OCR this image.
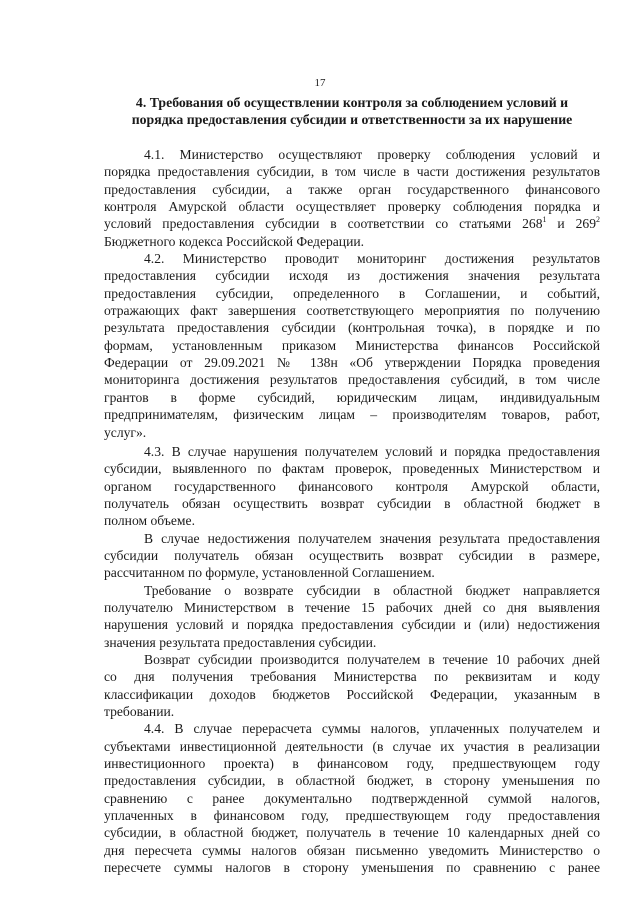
17
4. Требования об осуществлении контроля за соблюдением условий и
порядка предоставления субсидии и ответственности за их нарушение
4.1. Министерство осуществляют проверку соблюдения условий и
порядка предоставления субсидии, в том числе в части достижения результатов
предоставления субсидии, а также орган государственного финансового
контроля Амурской области осуществляет проверку соблюдения порядка и
условий предоставления субсидии в соответствии со статьями $268^1$ и $269^2$
Бюджетного кодекса Российской Федерации.
4.2. Министерство проводит мониторинг достижения результатов
предоставления субсидии исходя из достижения значения результата
предоставления субсидии, определенного в Соглашении, и событий,
отражающих факт завершения соответствующего мероприятия по получению
результата предоставления субсидии (контрольная точка), в порядке и по
формам, установленным приказом Министерства финансов Российской
Федерации от 29.09.2021 № 138н «Об утверждении Порядка проведения
мониторинга достижения результатов предоставления субсидий, в том числе
грантов в форме субсидий, юридическим лицам, индивидуальным
предпринимателям, физическим лицам – производителям товаров, работ,
услуг».
4.3. В случае нарушения получателем условий и порядка предоставления
субсидии, выявленного по фактам проверок, проведенных Министерством и
органом государственного финансового контроля Амурской области,
получатель обязан осуществить возврат субсидии в областной бюджет в
полном объеме.
В случае недостижения получателем значения результата предоставления
субсидии получатель обязан осуществить возврат субсидии в размере,
рассчитанном по формуле, установленной Соглашением.
Требование о возврате субсидии в областной бюджет направляется
получателю Министерством в течение 15 рабочих дней со дня выявления
нарушения условий и порядка предоставления субсидии и (или) недостижения
значения результата предоставления субсидии.
Возврат субсидии производится получателем в течение 10 рабочих дней
со дня получения требования Министерства по реквизитам и коду
классификации доходов бюджетов Российской Федерации, указанным в
требовании.
4.4. В случае перерасчета суммы налогов, уплаченных получателем и
субъектами инвестиционной деятельности (в случае их участия в реализации
инвестиционного проекта) в финансовом году, предшествующем году
предоставления субсидии, в областной бюджет, в сторону уменьшения по
сравнению с ранее документально подтвержденной суммой налогов,
уплаченных в финансовом году, предшествующем году предоставления
субсидии, в областной бюджет, получатель в течение 10 календарных дней со
дня пересчета суммы налогов обязан письменно уведомить Министерство о
пересчете суммы налогов в сторону уменьшения по сравнению с ранее
